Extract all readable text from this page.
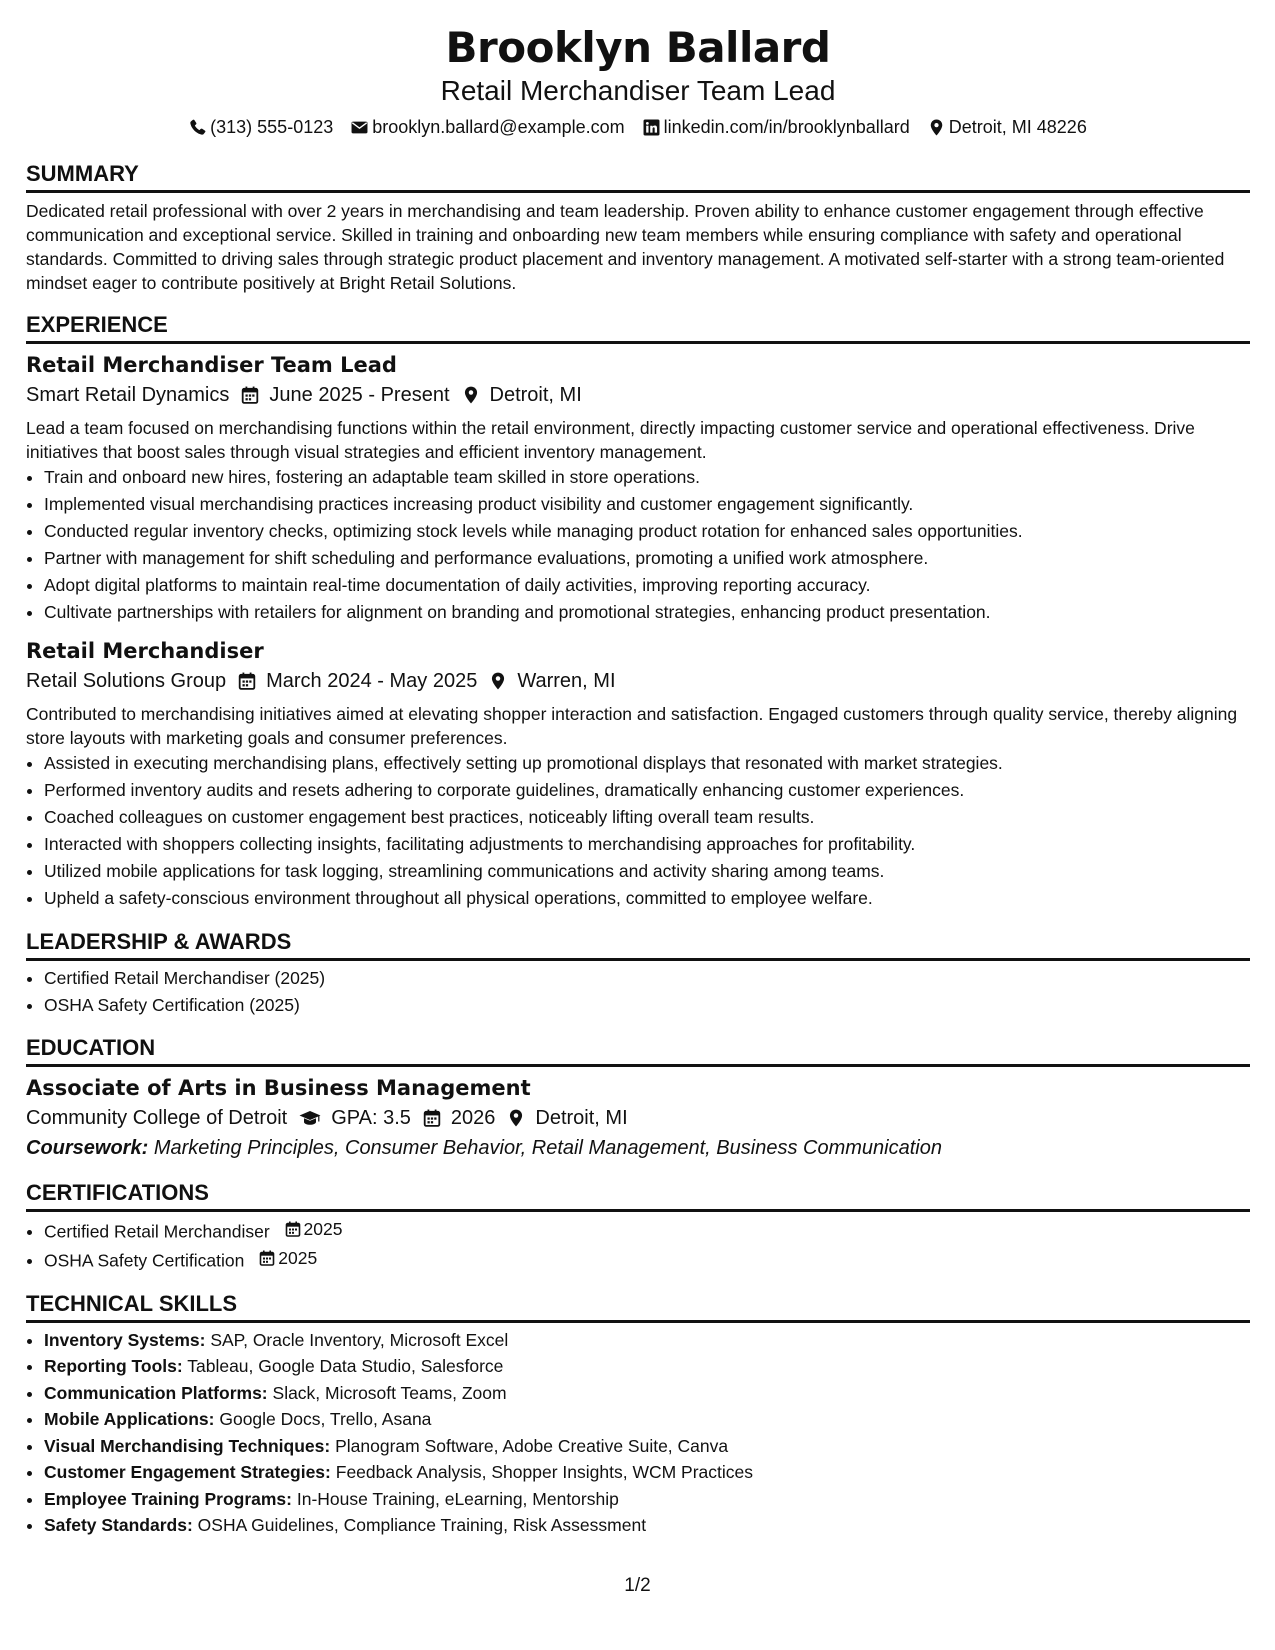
Brooklyn Ballard
Retail Merchandiser Team Lead
(313) 555-0123 brooklyn.ballard@example.com linkedin.com/in/brooklynballard Detroit, MI 48226
SUMMARY

Dedicated retail professional with over 2 years in merchandising and team leadership. Proven ability to enhance customer engagement through effective communication and exceptional service. Skilled in training and onboarding new team members while ensuring compliance with safety and operational standards. Committed to driving sales through strategic product placement and inventory management. A motivated self-starter with a strong team-oriented mindset eager to contribute positively at Bright Retail Solutions.

EXPERIENCE
Retail Merchandiser Team Lead
Smart Retail Dynamics June 2025 - Present Detroit, MI

Lead a team focused on merchandising functions within the retail environment, directly impacting customer service and operational effectiveness. Drive initiatives that boost sales through visual strategies and efficient inventory management.

• Train and onboard new hires, fostering an adaptable team skilled in store operations.
• Implemented visual merchandising practices increasing product visibility and customer engagement significantly.
• Conducted regular inventory checks, optimizing stock levels while managing product rotation for enhanced sales opportunities.
• Partner with management for shift scheduling and performance evaluations, promoting a unified work atmosphere.
• Adopt digital platforms to maintain real-time documentation of daily activities, improving reporting accuracy.
• Cultivate partnerships with retailers for alignment on branding and promotional strategies, enhancing product presentation.
Retail Merchandiser
Retail Solutions Group March 2024 - May 2025 Warren, MI

Contributed to merchandising initiatives aimed at elevating shopper interaction and satisfaction. Engaged customers through quality service, thereby aligning store layouts with marketing goals and consumer preferences.

• Assisted in executing merchandising plans, effectively setting up promotional displays that resonated with market strategies.
• Performed inventory audits and resets adhering to corporate guidelines, dramatically enhancing customer experiences.
• Coached colleagues on customer engagement best practices, noticeably lifting overall team results.
• Interacted with shoppers collecting insights, facilitating adjustments to merchandising approaches for profitability.
• Utilized mobile applications for task logging, streamlining communications and activity sharing among teams.
• Upheld a safety-conscious environment throughout all physical operations, committed to employee welfare.
LEADERSHIP & AWARDS
• Certified Retail Merchandiser (2025)
• OSHA Safety Certification (2025)
EDUCATION
Associate of Arts in Business Management
Community College of Detroit GPA: 3.5 2026 Detroit, MI
Coursework: Marketing Principles, Consumer Behavior, Retail Management, Business Communication
CERTIFICATIONS
• Certified Retail Merchandiser 2025
• OSHA Safety Certification 2025
TECHNICAL SKILLS
• Inventory Systems: SAP, Oracle Inventory, Microsoft Excel
• Reporting Tools: Tableau, Google Data Studio, Salesforce
• Communication Platforms: Slack, Microsoft Teams, Zoom
• Mobile Applications: Google Docs, Trello, Asana
• Visual Merchandising Techniques: Planogram Software, Adobe Creative Suite, Canva
• Customer Engagement Strategies: Feedback Analysis, Shopper Insights, WCM Practices
• Employee Training Programs: In-House Training, eLearning, Mentorship
• Safety Standards: OSHA Guidelines, Compliance Training, Risk Assessment
1/2
